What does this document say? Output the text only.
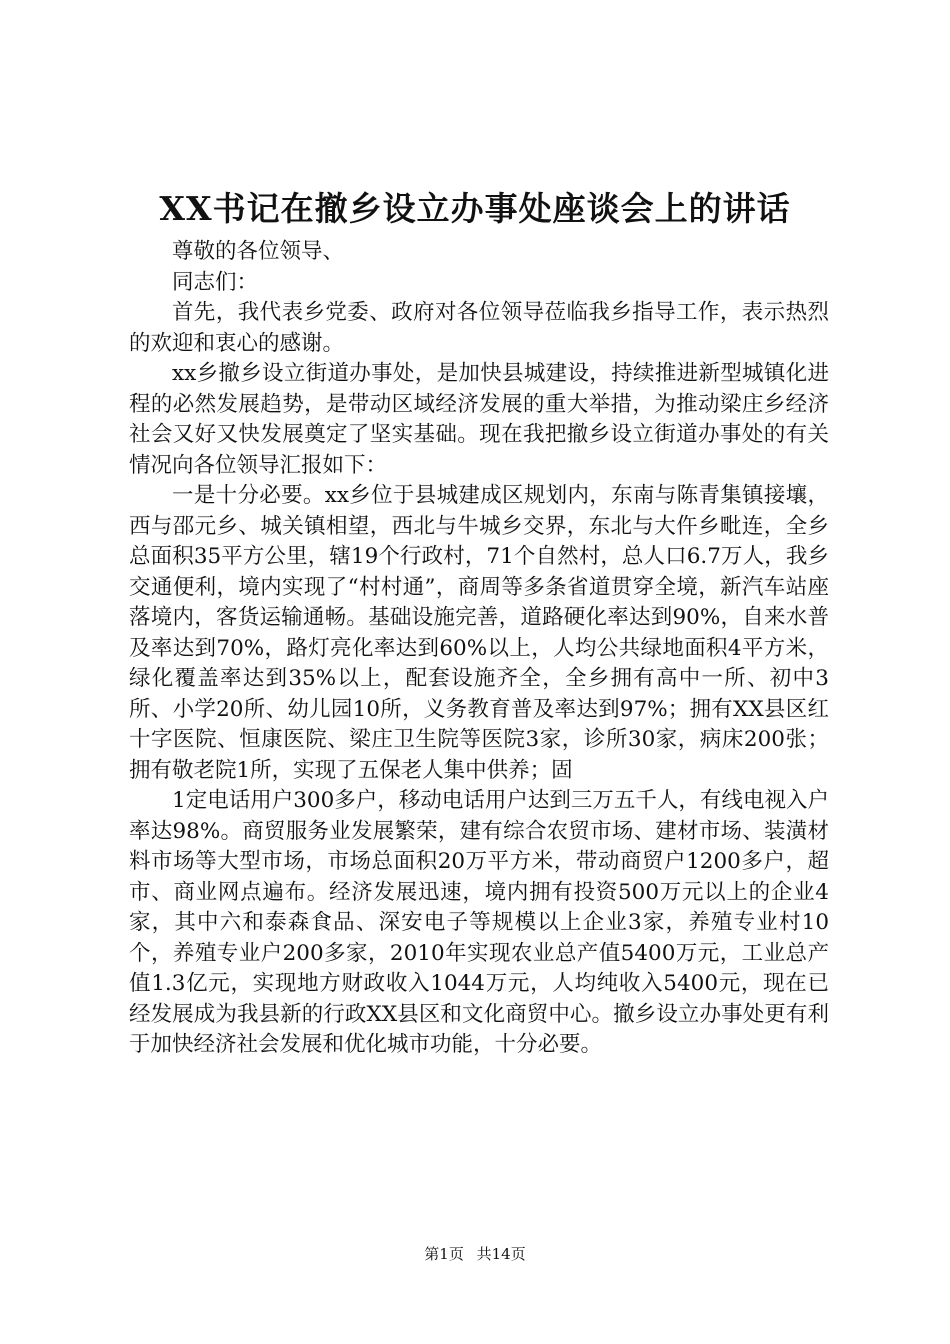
XX书记在撤乡设立办事处座谈会上的讲话

尊敬的各位领导、

同志们：

首先，我代表乡党委、政府对各位领导莅临我乡指导工作，表示热烈的欢迎和衷心的感谢。

xx乡撤乡设立街道办事处，是加快县城建设，持续推进新型城镇化进程的必然发展趋势，是带动区域经济发展的重大举措，为推动梁庄乡经济社会又好又快发展奠定了坚实基础。现在我把撤乡设立街道办事处的有关情况向各位领导汇报如下：

一是十分必要。xx乡位于县城建成区规划内，东南与陈青集镇接壤，西与邵元乡、城关镇相望，西北与牛城乡交界，东北与大仵乡毗连，全乡总面积35平方公里，辖19个行政村，71个自然村，总人口6.7万人，我乡交通便利，境内实现了“村村通”，商周等多条省道贯穿全境，新汽车站座落境内，客货运输通畅。基础设施完善，道路硬化率达到90%，自来水普及率达到70%，路灯亮化率达到60%以上，人均公共绿地面积4平方米，绿化覆盖率达到35%以上，配套设施齐全，全乡拥有高中一所、初中3所、小学20所、幼儿园10所，义务教育普及率达到97%；拥有XX县区红十字医院、恒康医院、梁庄卫生院等医院3家，诊所30家，病床200张；拥有敬老院1所，实现了五保老人集中供养；固

1定电话用户300多户，移动电话用户达到三万五千人，有线电视入户率达98%。商贸服务业发展繁荣，建有综合农贸市场、建材市场、装潢材料市场等大型市场，市场总面积20万平方米，带动商贸户1200多户，超市、商业网点遍布。经济发展迅速，境内拥有投资500万元以上的企业4家，其中六和泰森食品、深安电子等规模以上企业3家，养殖专业村10个，养殖专业户200多家，2010年实现农业总产值5400万元，工业总产值1.3亿元，实现地方财政收入1044万元，人均纯收入5400元，现在已经发展成为我县新的行政XX县区和文化商贸中心。撤乡设立办事处更有利于加快经济社会发展和优化城市功能，十分必要。

第1页 共14页
